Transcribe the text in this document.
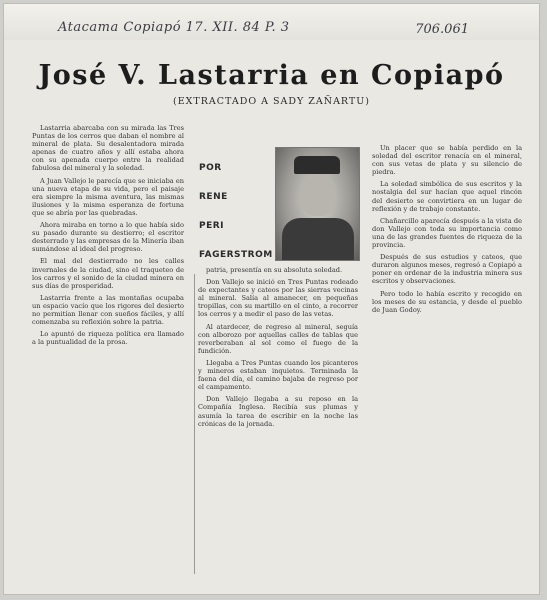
Atacama Copiapó 17. XII. 84 P. 3	706.061
José V. Lastarria en Copiapó
(EXTRACTADO A SADY ZAÑARTU)

Lastarria abarcaba con su mirada las Tres Puntas de los cerros que daban el nombre al mineral de plata. Su desalentadora mirada apenas de cuatro años y allí estaba ahora con su apenada cuerpo entre la realidad fabulosa del mineral y la soledad.

A Juan Vallejo le parecía que se iniciaba en una nueva etapa de su vida, pero el paisaje era siempre la misma aventura, las mismas ilusiones y la misma esperanza de fortuna que se abría por las quebradas.

Ahora miraba en torno a lo que había sido su pasado durante su destierro; el escritor desterrado y las empresas de la Minería iban sumándose al ideal del progreso.

El mal del destierrado no les calles invernales de la ciudad, sino el traqueteo de los carros y el sonido de la ciudad minera en sus días de prosperidad.

Lastarria frente a las montañas ocupaba un espacio vacío que los rigores del desierto no permitían llenar con sueños fáciles, y allí comenzaba su reflexión sobre la patria.

Lo apuntó de riqueza política era llamado a la puntualidad de la prosa.

POR
RENE
PERI
FAGERSTROM

patria, presentía en su absoluta soledad.

Don Vallejo se inició en Tres Puntas rodeado de expectantes y cateos por las sierras vecinas al mineral. Salía al amanecer, en pequeñas tropillas, con su martillo en el cinto, a recorrer los cerros y a medir el paso de las vetas.

Al atardecer, de regreso al mineral, seguía con alborozo por aquellas calles de tablas que reverberaban al sol como el fuego de la fundición.

Llegaba a Tres Puntas cuando los picanteros y mineros estaban inquietos. Terminada la faena del día, el camino bajaba de regreso por el campamento.

Don Vallejo llegaba a su reposo en la Compañía Inglesa. Recibía sus plumas y asumía la tarea de escribir en la noche las crónicas de la jornada.

Un placer que se había perdido en la soledad del escritor renacía en el mineral, con sus vetas de plata y su silencio de piedra.

La soledad simbólica de sus escritos y la nostalgia del sur hacían que aquel rincón del desierto se convirtiera en un lugar de reflexión y de trabajo constante.

Chañarcillo aparecía después a la vista de don Vallejo con toda su importancia como una de las grandes fuentes de riqueza de la provincia.

Después de sus estudios y cateos, que duraron algunos meses, regresó a Copiapó a poner en ordenar de la industria minera sus escritos y observaciones.

Pero todo lo había escrito y recogido en los meses de su estancia, y desde el pueblo de Juan Godoy.
